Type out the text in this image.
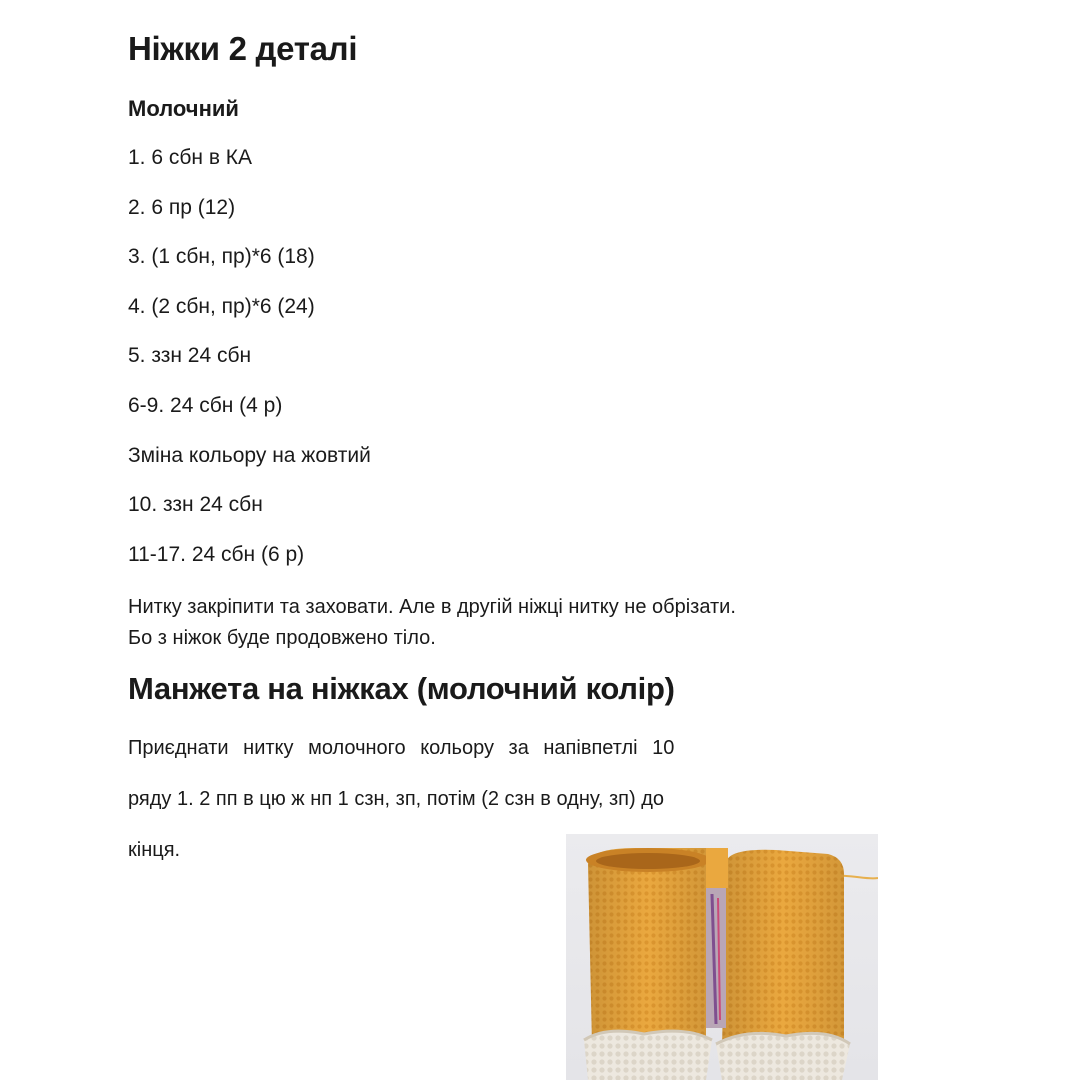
Ніжки 2 деталі
Молочний
1. 6 сбн в КА
2. 6 пр (12)
3. (1 сбн, пр)*6 (18)
4. (2 сбн, пр)*6 (24)
5. ззн 24 сбн
6-9. 24 сбн (4 р)
Зміна кольору на жовтий
10. ззн 24 сбн
11-17. 24 сбн (6 р)
Нитку закріпити та заховати. Але в другій ніжці нитку не обрізати.
Бо з ніжок буде продовжено тіло.
Манжета на ніжках (молочний колір)
Приєднати нитку молочного кольору за напівпетлі 10
ряду 1. 2 пп в цю ж нп 1 сзн, зп, потім (2 сзн в одну, зп) до
кінця.
